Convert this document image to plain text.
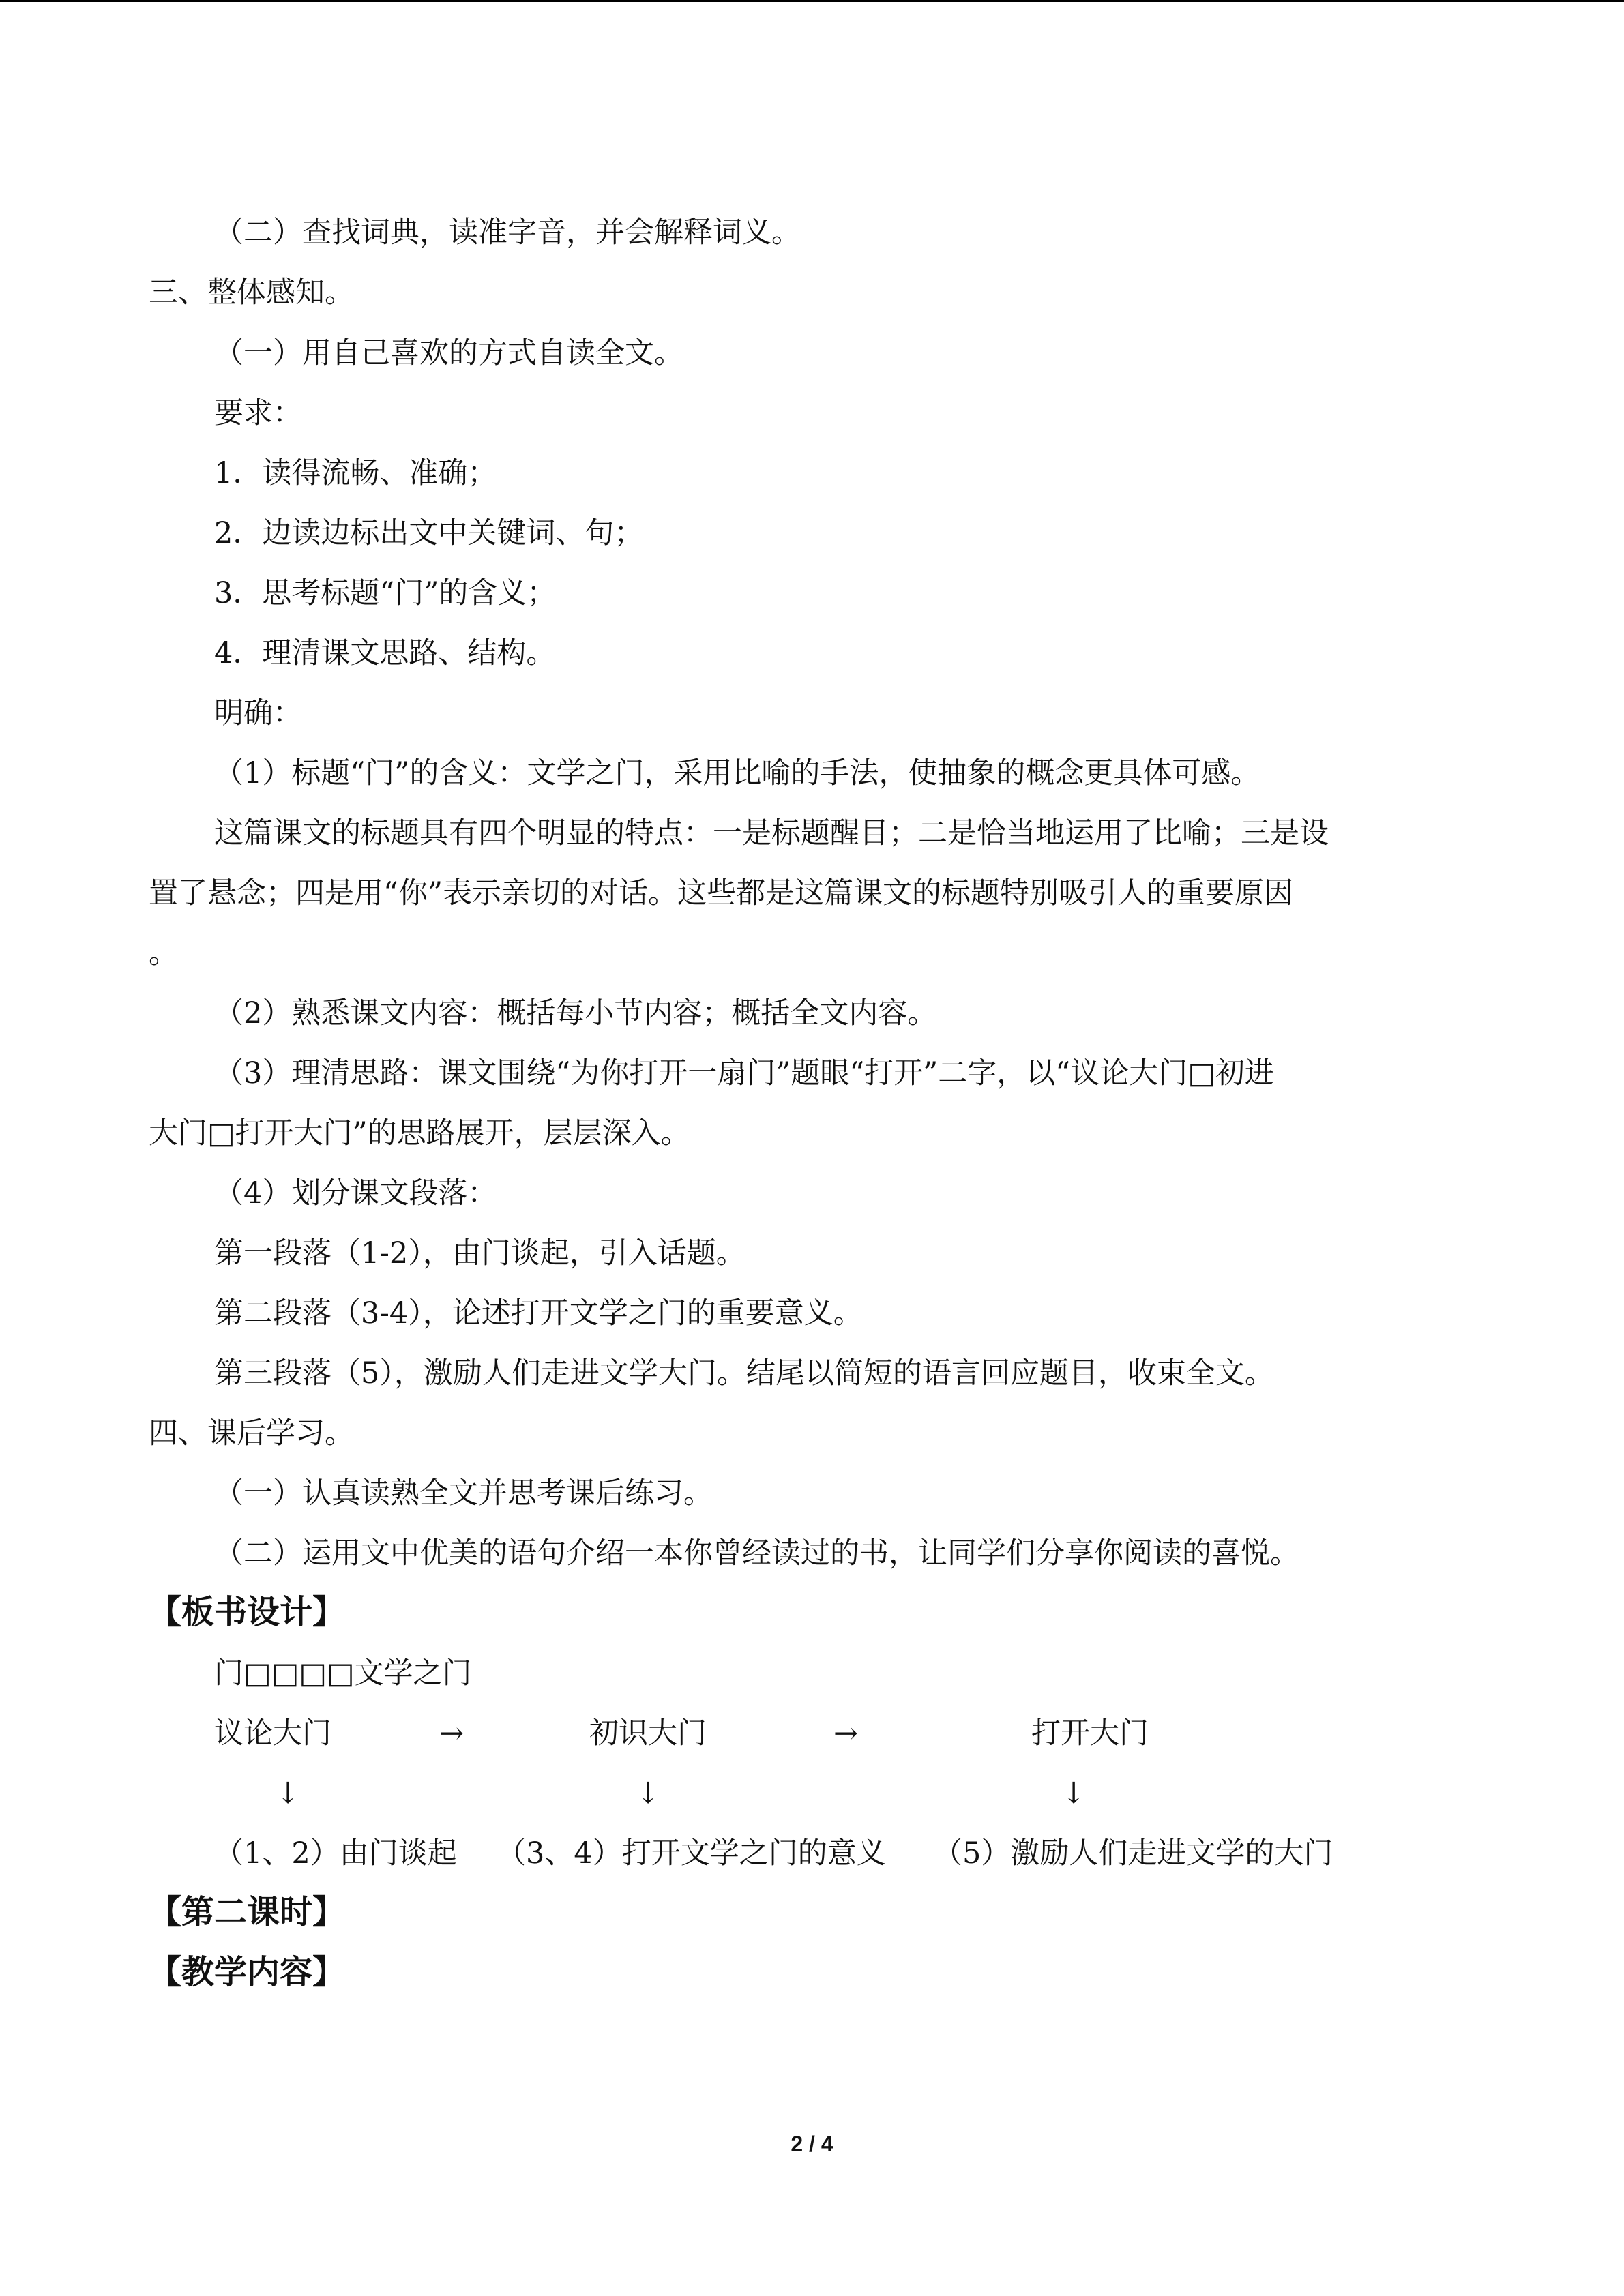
（二）查找词典，读准字音，并会解释词义。
三、整体感知。
（一）用自己喜欢的方式自读全文。
要求：
1．读得流畅、准确；
2．边读边标出文中关键词、句；
3．思考标题“门”的含义；
4．理清课文思路、结构。
明确：
（1）标题“门”的含义：文学之门，采用比喻的手法，使抽象的概念更具体可感。
这篇课文的标题具有四个明显的特点：一是标题醒目；二是恰当地运用了比喻；三是设
置了悬念；四是用“你”表示亲切的对话。这些都是这篇课文的标题特别吸引人的重要原因
。
（2）熟悉课文内容：概括每小节内容；概括全文内容。
（3）理清思路：课文围绕“为你打开一扇门”题眼“打开”二字，以“议论大门□初进
大门□打开大门”的思路展开，层层深入。
（4）划分课文段落：
第一段落（1-2），由门谈起，引入话题。
第二段落（3-4），论述打开文学之门的重要意义。
第三段落（5），激励人们走进文学大门。结尾以简短的语言回应题目，收束全文。
四、课后学习。
（一）认真读熟全文并思考课后练习。
（二）运用文中优美的语句介绍一本你曾经读过的书，让同学们分享你阅读的喜悦。
【板书设计】
门□□□□文学之门
议论大门	→	初识大门	→	打开大门
↓	↓	↓
（1、2）由门谈起 （3、4）打开文学之门的意义 （5）激励人们走进文学的大门
【第二课时】
【教学内容】
2 / 4
